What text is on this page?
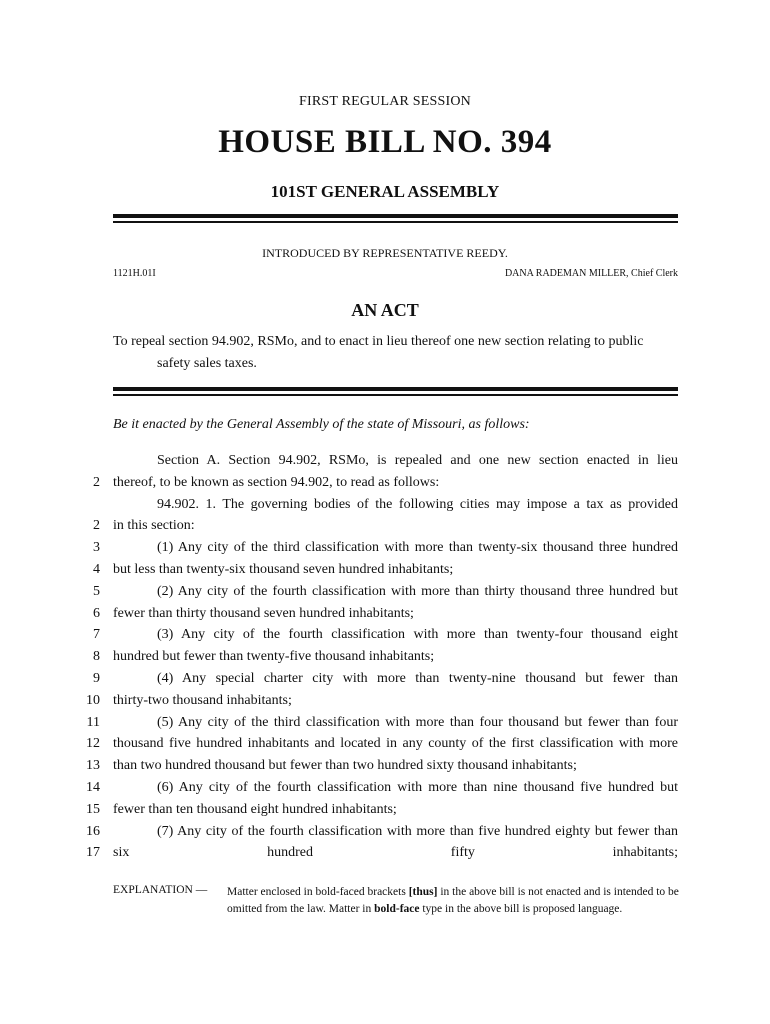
FIRST REGULAR SESSION
HOUSE BILL NO. 394
101ST GENERAL ASSEMBLY
INTRODUCED BY REPRESENTATIVE REEDY.
1121H.01I	DANA RADEMAN MILLER, Chief Clerk
AN ACT
To repeal section 94.902, RSMo, and to enact in lieu thereof one new section relating to public safety sales taxes.
Be it enacted by the General Assembly of the state of Missouri, as follows:
Section A. Section 94.902, RSMo, is repealed and one new section enacted in lieu
2 thereof, to be known as section 94.902, to read as follows:
94.902. 1. The governing bodies of the following cities may impose a tax as provided
2 in this section:
3	(1) Any city of the third classification with more than twenty-six thousand three hundred
4 but less than twenty-six thousand seven hundred inhabitants;
5	(2) Any city of the fourth classification with more than thirty thousand three hundred but
6 fewer than thirty thousand seven hundred inhabitants;
7	(3) Any city of the fourth classification with more than twenty-four thousand eight
8 hundred but fewer than twenty-five thousand inhabitants;
9	(4) Any special charter city with more than twenty-nine thousand but fewer than
10 thirty-two thousand inhabitants;
11	(5) Any city of the third classification with more than four thousand but fewer than four
12 thousand five hundred inhabitants and located in any county of the first classification with more
13 than two hundred thousand but fewer than two hundred sixty thousand inhabitants;
14	(6) Any city of the fourth classification with more than nine thousand five hundred but
15 fewer than ten thousand eight hundred inhabitants;
16	(7) Any city of the fourth classification with more than five hundred eighty but fewer than
17 six hundred fifty inhabitants;
EXPLANATION — Matter enclosed in bold-faced brackets [thus] in the above bill is not enacted and is intended to be omitted from the law. Matter in bold-face type in the above bill is proposed language.
